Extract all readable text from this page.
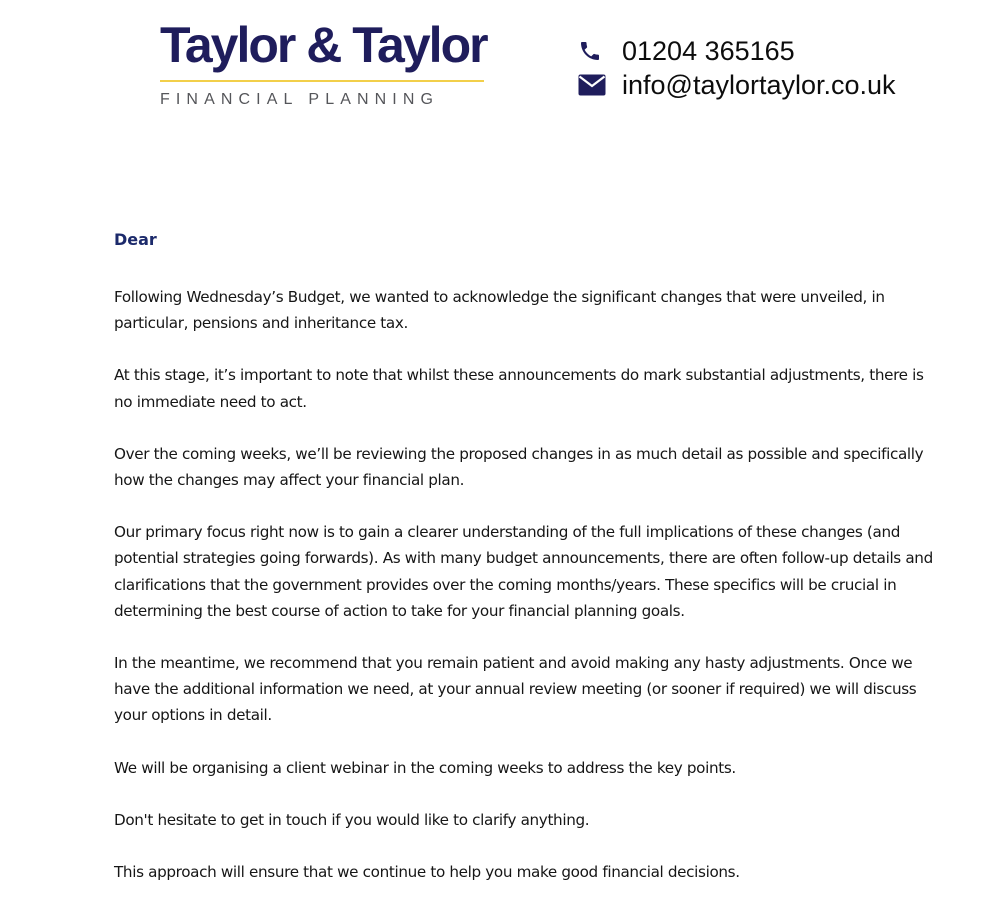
Taylor & Taylor
FINANCIAL PLANNING
01204 365165
info@taylortaylor.co.uk

Dear

Following Wednesday’s Budget, we wanted to acknowledge the significant changes that were unveiled, in particular, pensions and inheritance tax.

At this stage, it’s important to note that whilst these announcements do mark substantial adjustments, there is no immediate need to act.

Over the coming weeks, we’ll be reviewing the proposed changes in as much detail as possible and specifically how the changes may affect your financial plan.

Our primary focus right now is to gain a clearer understanding of the full implications of these changes (and potential strategies going forwards). As with many budget announcements, there are often follow-up details and clarifications that the government provides over the coming months/years. These specifics will be crucial in determining the best course of action to take for your financial planning goals.

In the meantime, we recommend that you remain patient and avoid making any hasty adjustments. Once we have the additional information we need, at your annual review meeting (or sooner if required) we will discuss your options in detail.

We will be organising a client webinar in the coming weeks to address the key points.

Don't hesitate to get in touch if you would like to clarify anything.

This approach will ensure that we continue to help you make good financial decisions.
